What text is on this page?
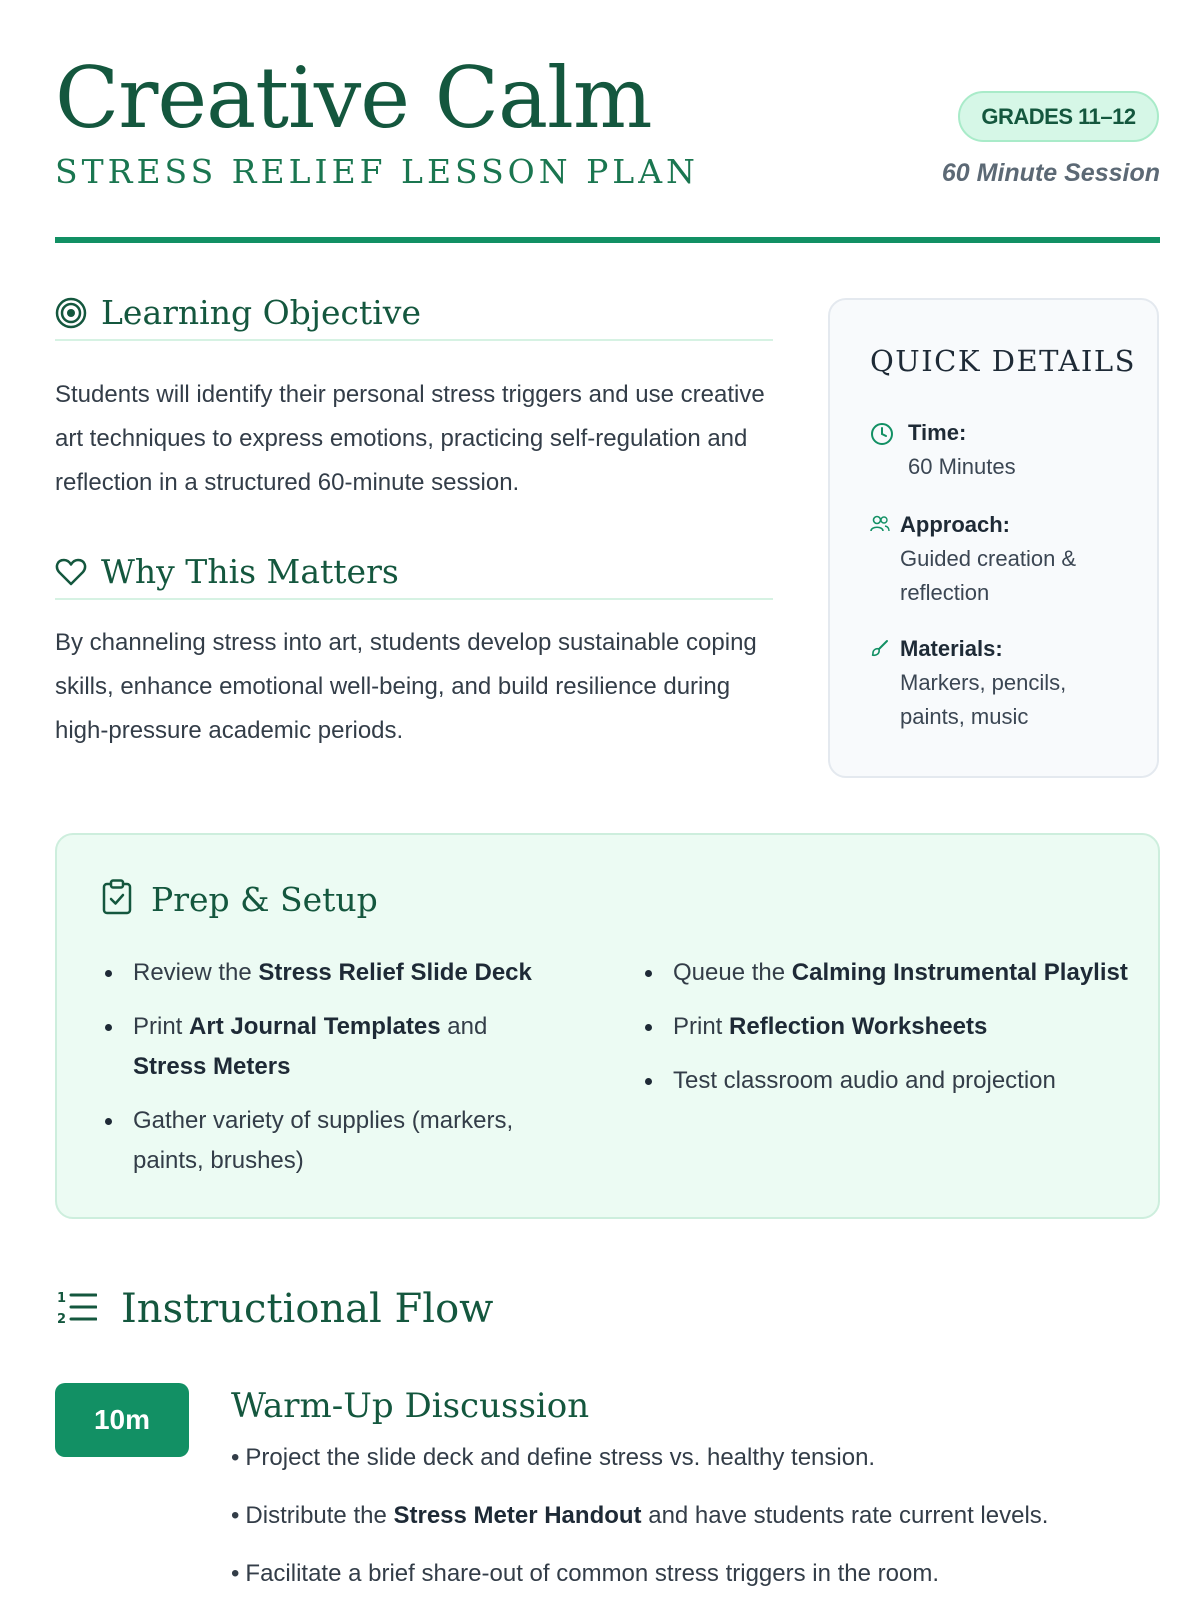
Creative Calm
STRESS RELIEF LESSON PLAN
GRADES 11–12
60 Minute Session
Learning Objective
Students will identify their personal stress triggers and use creative art techniques to express emotions, practicing self-regulation and reflection in a structured 60-minute session.
Why This Matters
By channeling stress into art, students develop sustainable coping skills, enhance emotional well-being, and build resilience during high-pressure academic periods.
QUICK DETAILS
Time:
60 Minutes
Approach:
Guided creation & reflection
Materials:
Markers, pencils, paints, music
Prep & Setup
Review the Stress Relief Slide Deck
Print Art Journal Templates and
Stress Meters
Gather variety of supplies (markers, paints, brushes)
Queue the Calming Instrumental Playlist
Print Reflection Worksheets
Test classroom audio and projection
1
2 Instructional Flow
10m	Warm-Up Discussion
• Project the slide deck and define stress vs. healthy tension.
• Distribute the Stress Meter Handout and have students rate current levels.
• Facilitate a brief share-out of common stress triggers in the room.
